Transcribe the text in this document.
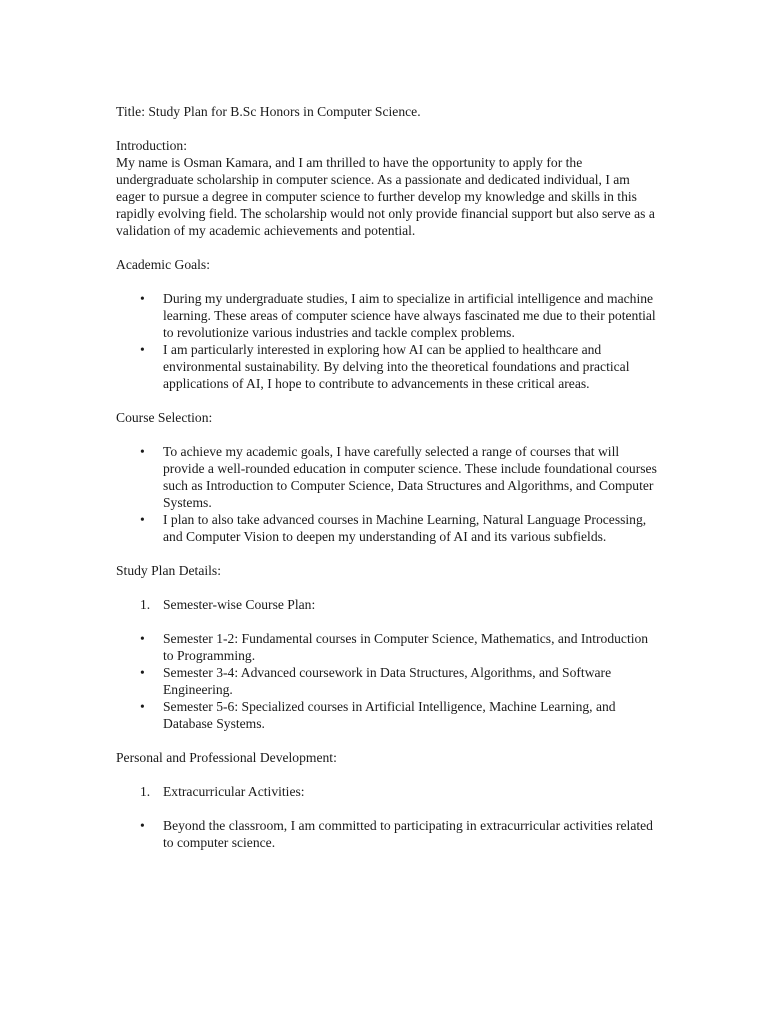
Title: Study Plan for B.Sc Honors in Computer Science.

Introduction:

My name is Osman Kamara, and I am thrilled to have the opportunity to apply for the undergraduate scholarship in computer science. As a passionate and dedicated individual, I am eager to pursue a degree in computer science to further develop my knowledge and skills in this rapidly evolving field. The scholarship would not only provide financial support but also serve as a validation of my academic achievements and potential.

Academic Goals:

• During my undergraduate studies, I aim to specialize in artificial intelligence and machine learning. These areas of computer science have always fascinated me due to their potential to revolutionize various industries and tackle complex problems.
• I am particularly interested in exploring how AI can be applied to healthcare and environmental sustainability. By delving into the theoretical foundations and practical applications of AI, I hope to contribute to advancements in these critical areas.

Course Selection:

• To achieve my academic goals, I have carefully selected a range of courses that will provide a well-rounded education in computer science. These include foundational courses such as Introduction to Computer Science, Data Structures and Algorithms, and Computer Systems.
• I plan to also take advanced courses in Machine Learning, Natural Language Processing, and Computer Vision to deepen my understanding of AI and its various subfields.

Study Plan Details:

1. Semester-wise Course Plan:
• Semester 1-2: Fundamental courses in Computer Science, Mathematics, and Introduction to Programming.
• Semester 3-4: Advanced coursework in Data Structures, Algorithms, and Software Engineering.
• Semester 5-6: Specialized courses in Artificial Intelligence, Machine Learning, and Database Systems.

Personal and Professional Development:

1. Extracurricular Activities:
• Beyond the classroom, I am committed to participating in extracurricular activities related to computer science.
